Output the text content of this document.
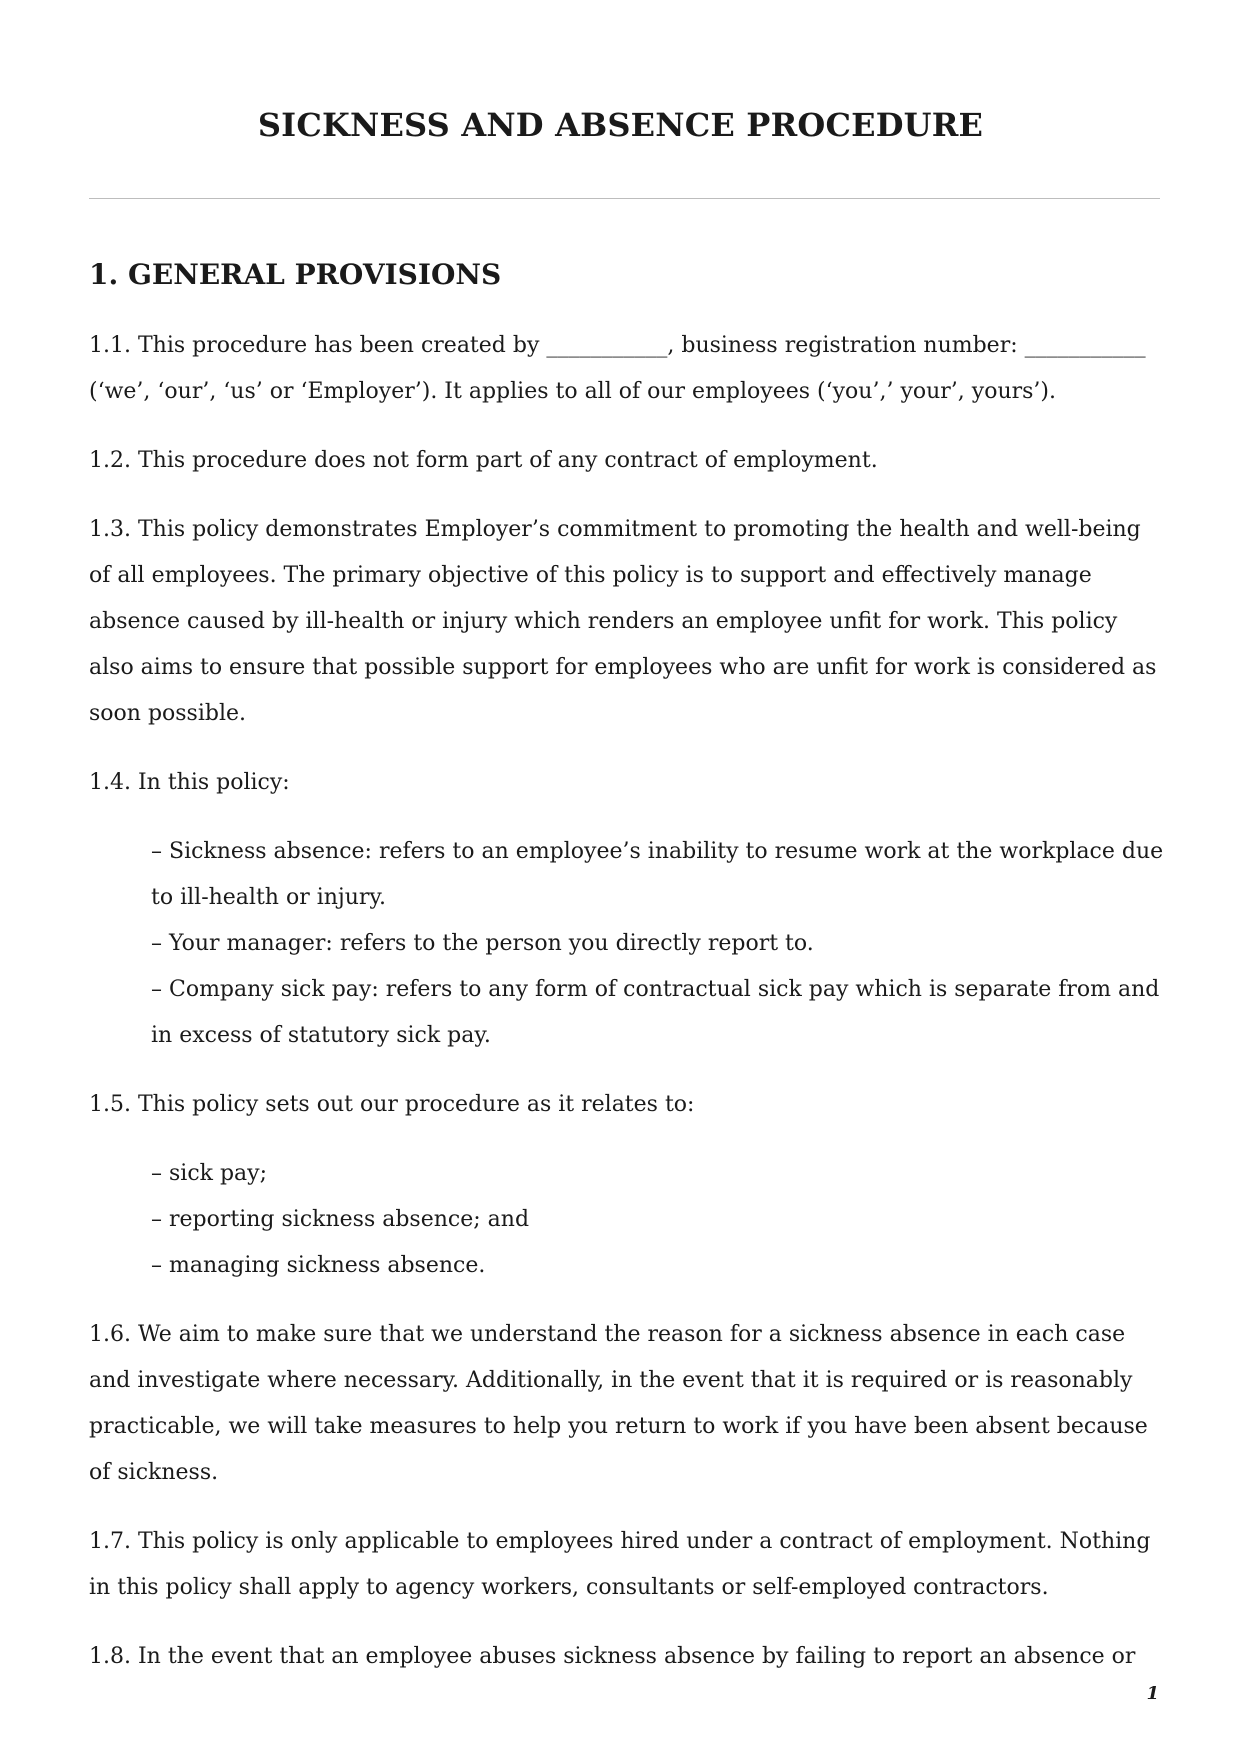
SICKNESS AND ABSENCE PROCEDURE
1. GENERAL PROVISIONS

1.1. This procedure has been created by ___________, business registration number: ___________ (‘we’, ‘our’, ‘us’ or ‘Employer’). It applies to all of our employees (‘you’,’ your’, yours’).

1.2. This procedure does not form part of any contract of employment.

1.3. This policy demonstrates Employer’s commitment to promoting the health and well-being of all employees. The primary objective of this policy is to support and effectively manage absence caused by ill-health or injury which renders an employee unfit for work. This policy also aims to ensure that possible support for employees who are unfit for work is considered as soon possible.

1.4. In this policy:

– Sickness absence: refers to an employee’s inability to resume work at the workplace due to ill-health or injury.
– Your manager: refers to the person you directly report to.
– Company sick pay: refers to any form of contractual sick pay which is separate from and in excess of statutory sick pay.

1.5. This policy sets out our procedure as it relates to:

– sick pay;
– reporting sickness absence; and
– managing sickness absence.

1.6. We aim to make sure that we understand the reason for a sickness absence in each case and investigate where necessary. Additionally, in the event that it is required or is reasonably practicable, we will take measures to help you return to work if you have been absent because of sickness.

1.7. This policy is only applicable to employees hired under a contract of employment. Nothing in this policy shall apply to agency workers, consultants or self-employed contractors.

1.8. In the event that an employee abuses sickness absence by failing to report an absence or

1
